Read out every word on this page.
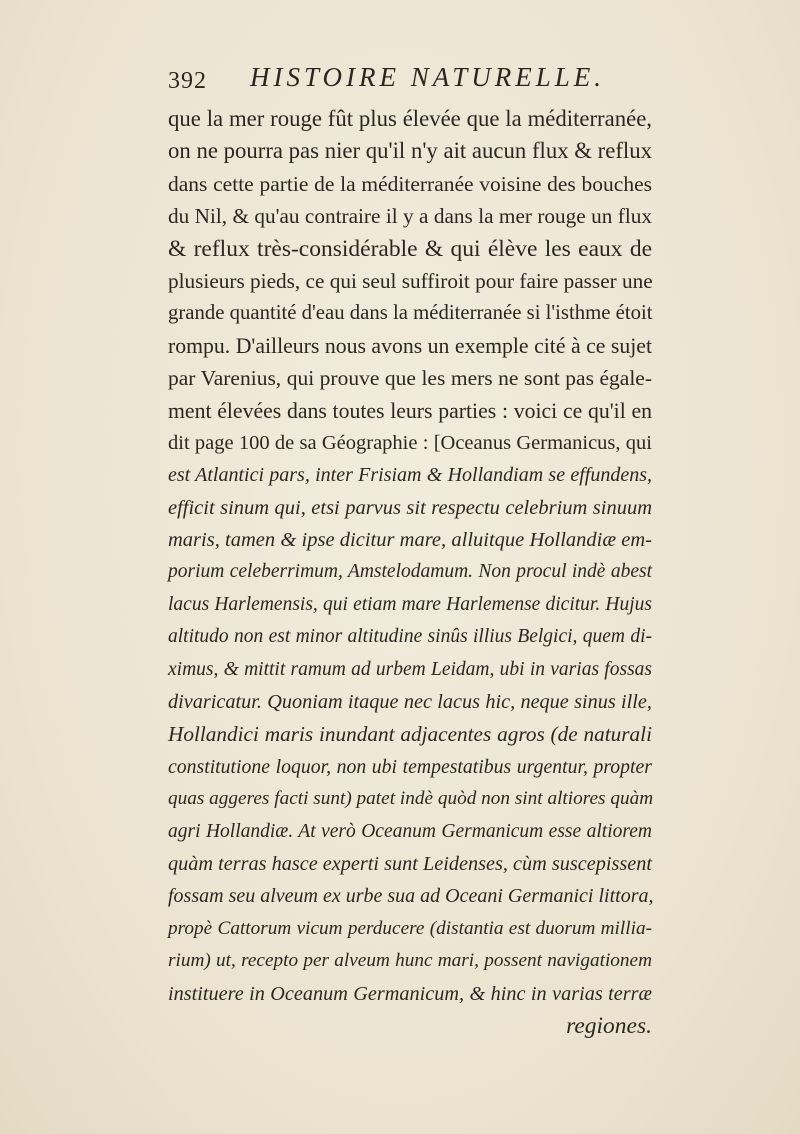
392 HISTOIRE NATURELLE.
que la mer rouge fût plus élevée que la méditerranée,
on ne pourra pas nier qu'il n'y ait aucun flux & reflux
dans cette partie de la méditerranée voisine des bouches
du Nil, & qu'au contraire il y a dans la mer rouge un flux
& reflux très-considérable & qui élève les eaux de
plusieurs pieds, ce qui seul suffiroit pour faire passer une
grande quantité d'eau dans la méditerranée si l'isthme étoit
rompu. D'ailleurs nous avons un exemple cité à ce sujet
par Varenius, qui prouve que les mers ne sont pas égale-
ment élevées dans toutes leurs parties : voici ce qu'il en
dit page 100 de sa Géographie : [Oceanus Germanicus, qui
est Atlantici pars, inter Frisiam & Hollandiam se effundens,
efficit sinum qui, etsi parvus sit respectu celebrium sinuum
maris, tamen & ipse dicitur mare, alluitque Hollandiæ em-
porium celeberrimum, Amstelodamum. Non procul indè abest
lacus Harlemensis, qui etiam mare Harlemense dicitur. Hujus
altitudo non est minor altitudine sinûs illius Belgici, quem di-
ximus, & mittit ramum ad urbem Leidam, ubi in varias fossas
divaricatur. Quoniam itaque nec lacus hic, neque sinus ille,
Hollandici maris inundant adjacentes agros (de naturali
constitutione loquor, non ubi tempestatibus urgentur, propter
quas aggeres facti sunt) patet indè quòd non sint altiores quàm
agri Hollandiæ. At verò Oceanum Germanicum esse altiorem
quàm terras hasce experti sunt Leidenses, cùm suscepissent
fossam seu alveum ex urbe sua ad Oceani Germanici littora,
propè Cattorum vicum perducere (distantia est duorum millia-
rium) ut, recepto per alveum hunc mari, possent navigationem
instituere in Oceanum Germanicum, & hinc in varias terræ
regiones.
